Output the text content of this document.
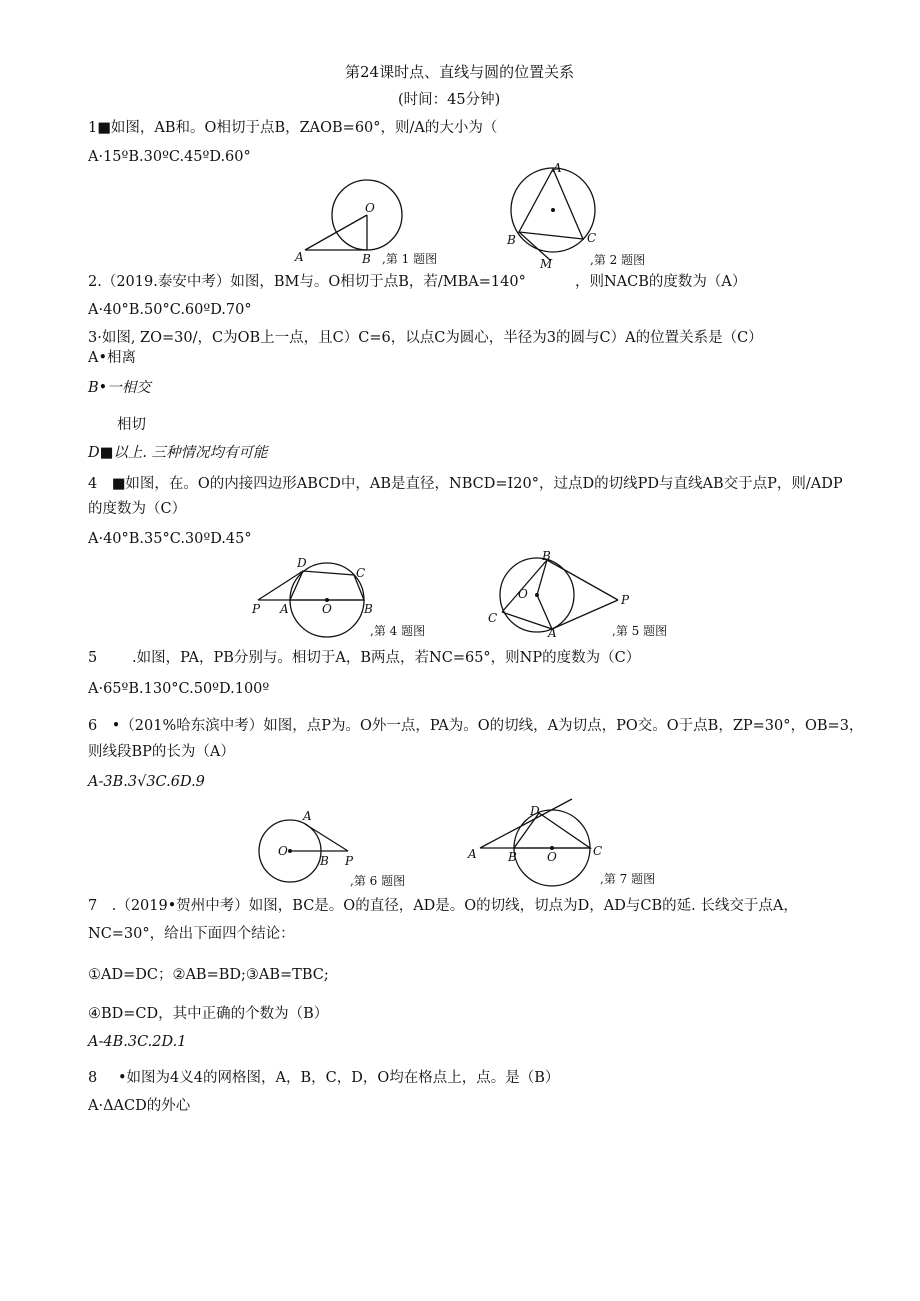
第24课时点、直线与圆的位置关系
(时间：45分钟)
1■如图，AB和。O相切于点B，ZAOB=60°，则/A的大小为（
A·15ºB.30ºC.45ºD.60°
O
A	B ,第 1 题图
A
B	C
M	,第 2 题图
2.（2019.泰安中考）如图，BM与。O相切于点B，若/MBA=140°	，则NACB的度数为（A）
A·40°B.50°C.60ºD.70°
3·如图, ZO=30/，C为OB上一点，且C）C=6，以点C为圆心，半径为3的圆与C）A的位置关系是（C）
A•相离
B•一相交
相切
D■以上. 三种情况均有可能
4　■如图，在。O的内接四边形ABCD中，AB是直径，NBCD=I20°，过点D的切线PD与直线AB交于点P，则/ADP
的度数为（C）
A·40°B.35°C.30ºD.45°
D
C
P A	O	B
,第 4 题图
B
O	P
C
A	,第 5 题图
5 .如图，PA，PB分别与。相切于A，B两点，若NC=65°，则NP的度数为（C）
A·65ºB.130°C.50ºD.100º
6　•（201%哈东滨中考）如图，点P为。O外一点，PA为。O的切线，A为切点，PO交。O于点B，ZP=30°，OB=3，
则线段BP的长为（A）
A-3B.3√3C.6D.9
O
A
B P
,第 6 题图
D
A	B	O	C
,第 7 题图
7　.（2019•贺州中考）如图，BC是。O的直径，AD是。O的切线，切点为D，AD与CB的延. 长线交于点A，
NC=30°，给出下面四个结论：
①AD=DC；②AB=BD;③AB=TBC;
④BD=CD，其中正确的个数为（B）
A-4B.3C.2D.1
8 •如图为4义4的网格图，A，B，C，D，O均在格点上，点。是（B）
A·ΔACD的外心
